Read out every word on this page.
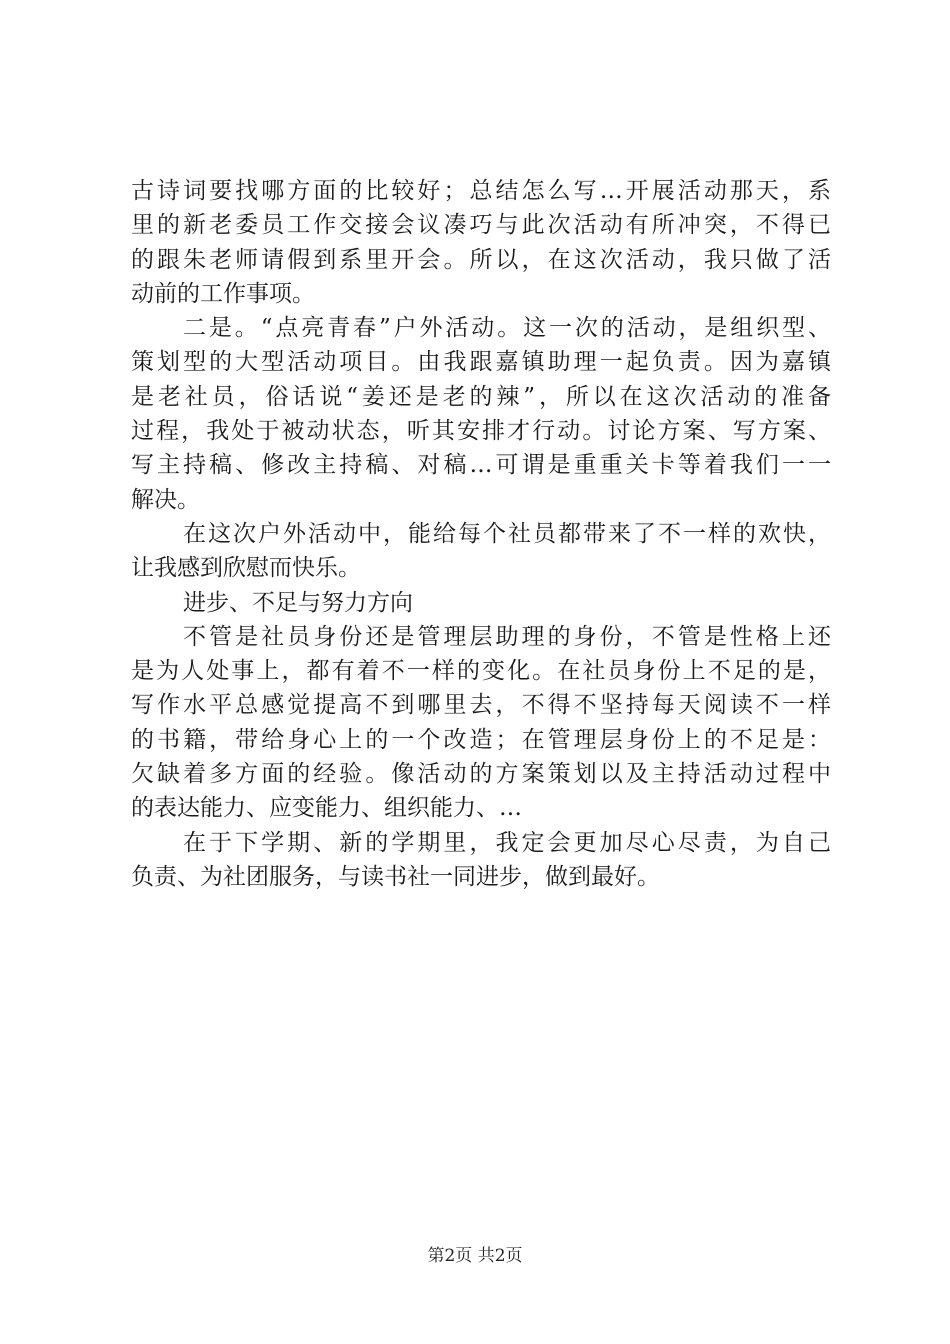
古诗词要找哪方面的比较好；总结怎么写…开展活动那天，系
里的新老委员工作交接会议凑巧与此次活动有所冲突，不得已
的跟朱老师请假到系里开会。所以，在这次活动，我只做了活
动前的工作事项。
二是。“点亮青春”户外活动。这一次的活动，是组织型、
策划型的大型活动项目。由我跟嘉镇助理一起负责。因为嘉镇
是老社员，俗话说“姜还是老的辣”，所以在这次活动的准备
过程，我处于被动状态，听其安排才行动。讨论方案、写方案、
写主持稿、修改主持稿、对稿…可谓是重重关卡等着我们一一
解决。
在这次户外活动中，能给每个社员都带来了不一样的欢快，
让我感到欣慰而快乐。
进步、不足与努力方向
不管是社员身份还是管理层助理的身份，不管是性格上还
是为人处事上，都有着不一样的变化。在社员身份上不足的是，
写作水平总感觉提高不到哪里去，不得不坚持每天阅读不一样
的书籍，带给身心上的一个改造；在管理层身份上的不足是：
欠缺着多方面的经验。像活动的方案策划以及主持活动过程中
的表达能力、应变能力、组织能力、…
在于下学期、新的学期里，我定会更加尽心尽责，为自己
负责、为社团服务，与读书社一同进步，做到最好。
第2页 共2页
